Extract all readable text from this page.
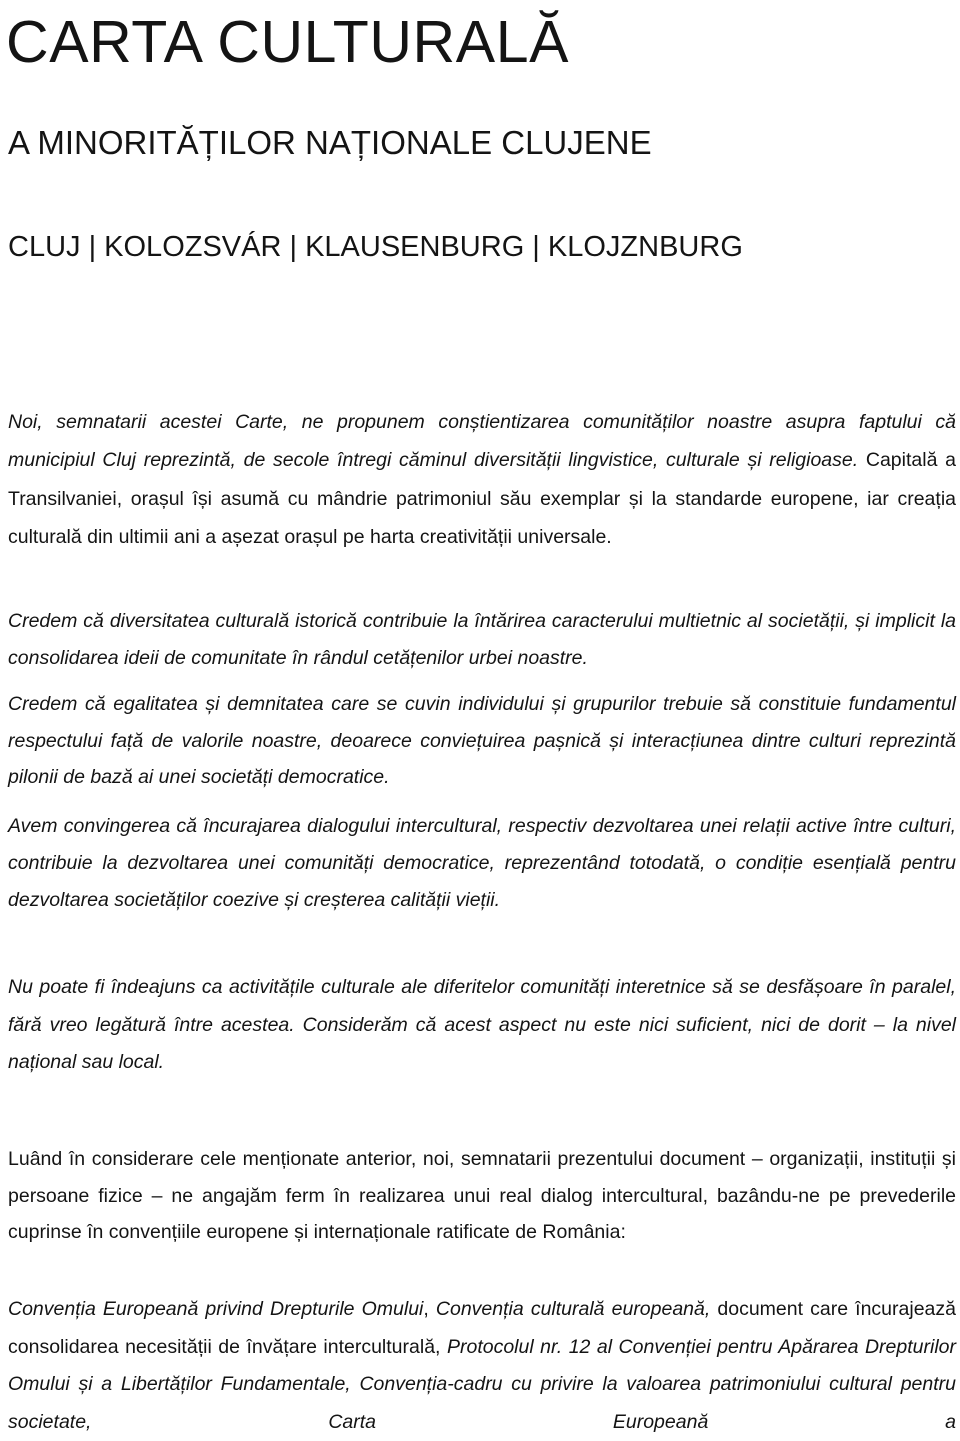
CARTA CULTURALĂ
A MINORITĂȚILOR NAȚIONALE CLUJENE
CLUJ | KOLOZSVÁR | KLAUSENBURG | KLOJZNBURG

Noi, semnatarii acestei Carte, ne propunem conștientizarea comunităților noastre asupra faptului că municipiul Cluj reprezintă, de secole întregi căminul diversității lingvistice, culturale și religioase. Capitală a Transilvaniei, orașul își asumă cu mândrie patrimoniul său exemplar și la standarde europene, iar creația culturală din ultimii ani a așezat orașul pe harta creativității universale.

Credem că diversitatea culturală istorică contribuie la întărirea caracterului multietnic al societății, și implicit la consolidarea ideii de comunitate în rândul cetățenilor urbei noastre.

Credem că egalitatea și demnitatea care se cuvin individului și grupurilor trebuie să constituie fundamentul respectului față de valorile noastre, deoarece conviețuirea pașnică și interacțiunea dintre culturi reprezintă pilonii de bază ai unei societăți democratice.

Avem convingerea că încurajarea dialogului intercultural, respectiv dezvoltarea unei relații active între culturi, contribuie la dezvoltarea unei comunități democratice, reprezentând totodată, o condiție esențială pentru dezvoltarea societăților coezive și creșterea calității vieții.

Nu poate fi îndeajuns ca activitățile culturale ale diferitelor comunități interetnice să se desfășoare în paralel, fără vreo legătură între acestea. Considerăm că acest aspect nu este nici suficient, nici de dorit – la nivel național sau local.

Luând în considerare cele menționate anterior, noi, semnatarii prezentului document – organizații, instituții și persoane fizice – ne angajăm ferm în realizarea unui real dialog intercultural, bazându-ne pe prevederile cuprinse în convențiile europene și internaționale ratificate de România:

Convenția Europeană privind Drepturile Omului, Convenția culturală europeană, document care încurajează consolidarea necesității de învățare interculturală, Protocolul nr. 12 al Convenției pentru Apărarea Drepturilor Omului și a Libertăților Fundamentale, Convenția-cadru cu privire la valoarea patrimoniului cultural pentru societate, Carta Europeană a
